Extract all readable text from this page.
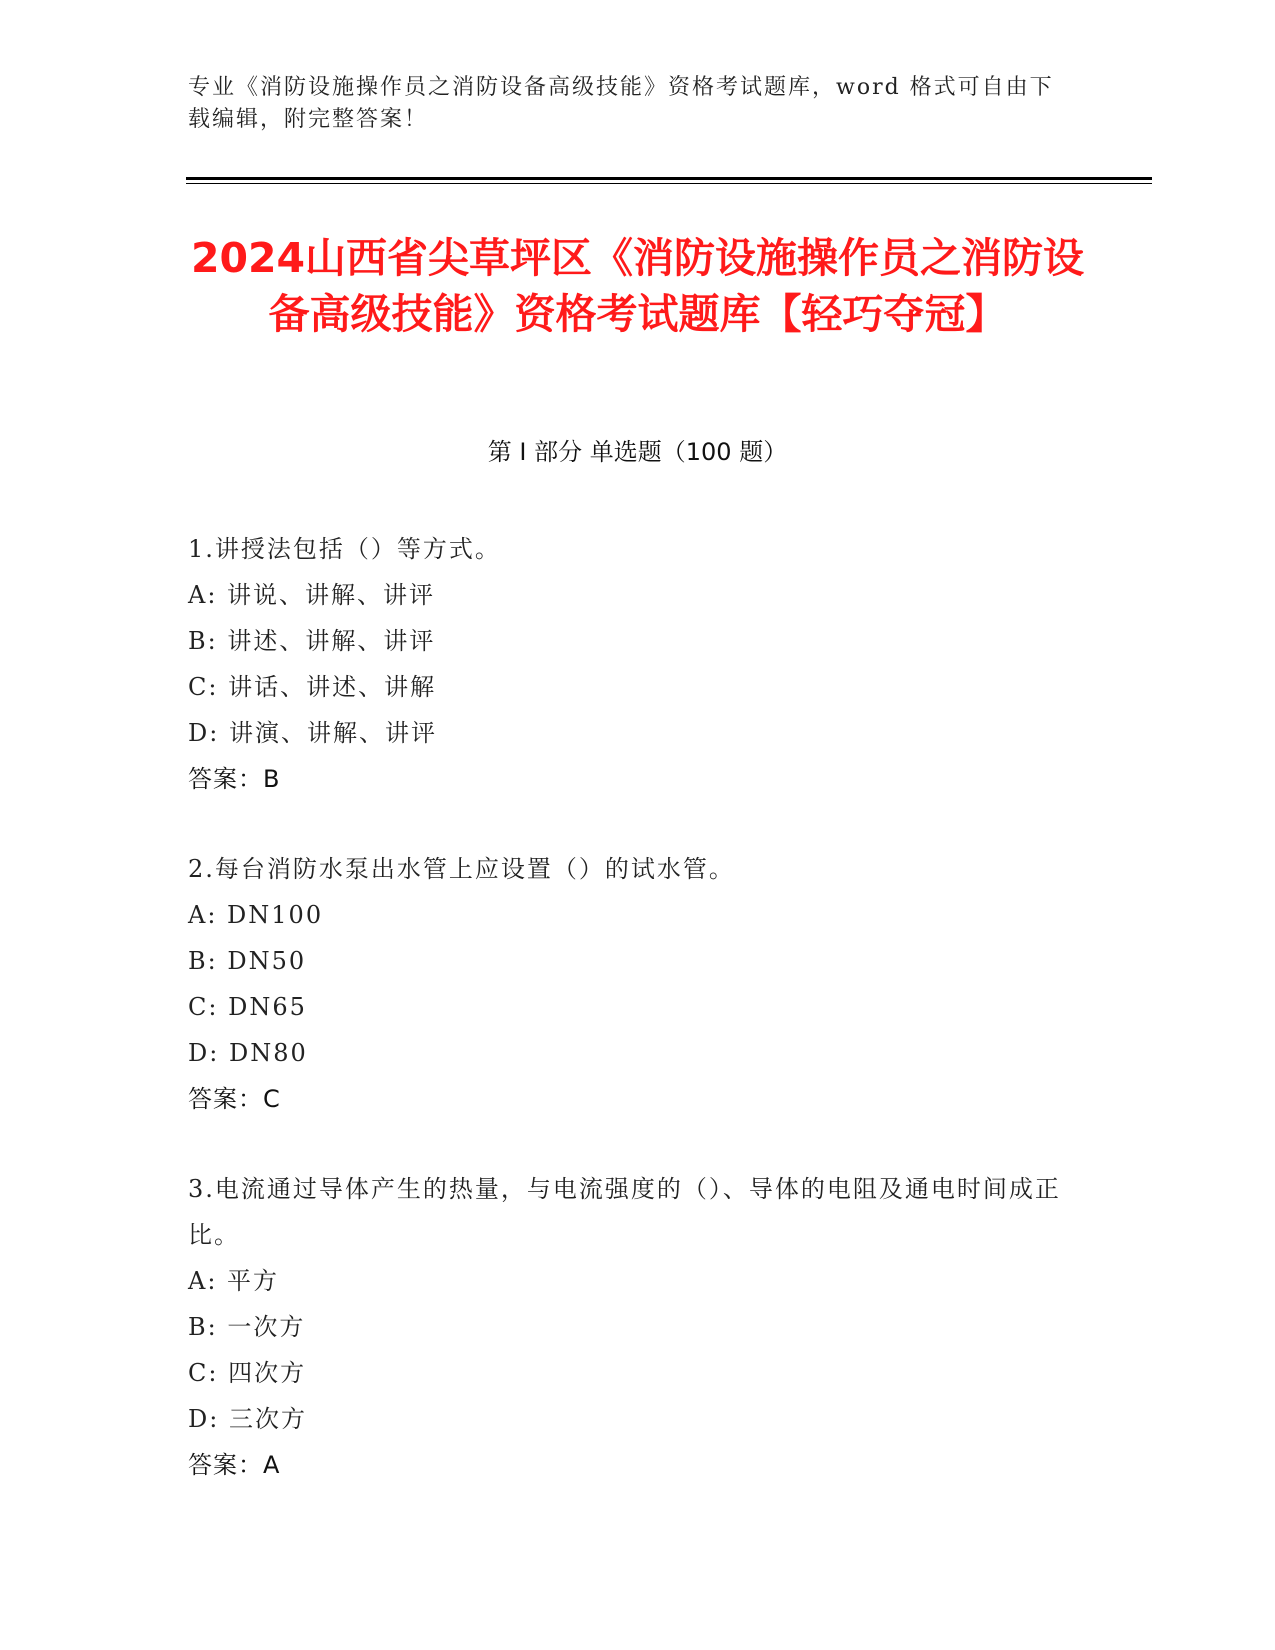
专业《消防设施操作员之消防设备高级技能》资格考试题库，word 格式可自由下载编辑，附完整答案！
2024山西省尖草坪区《消防设施操作员之消防设备高级技能》资格考试题库【轻巧夺冠】
第 I 部分 单选题（100 题）
1.讲授法包括（）等方式。
A: 讲说、讲解、讲评
B: 讲述、讲解、讲评
C: 讲话、讲述、讲解
D: 讲演、讲解、讲评
答案：B
2.每台消防水泵出水管上应设置（）的试水管。
A: DN100
B: DN50
C: DN65
D: DN80
答案：C
3.电流通过导体产生的热量，与电流强度的（）、导体的电阻及通电时间成正比。
A: 平方
B: 一次方
C: 四次方
D: 三次方
答案：A
